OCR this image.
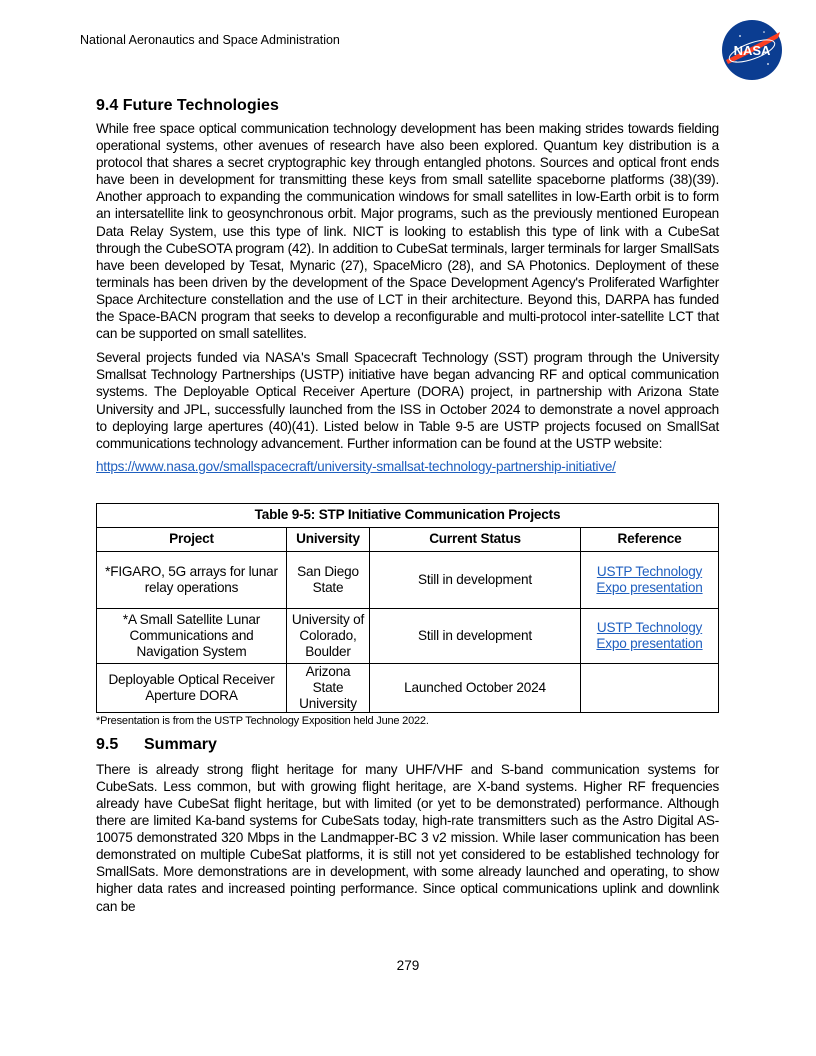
National Aeronautics and Space Administration
NASA
9.4 Future Technologies

While free space optical communication technology development has been making strides towards fielding operational systems, other avenues of research have also been explored. Quantum key distribution is a protocol that shares a secret cryptographic key through entangled photons. Sources and optical front ends have been in development for transmitting these keys from small satellite spaceborne platforms (38)(39). Another approach to expanding the communication windows for small satellites in low-Earth orbit is to form an intersatellite link to geosynchronous orbit. Major programs, such as the previously mentioned European Data Relay System, use this type of link. NICT is looking to establish this type of link with a CubeSat through the CubeSOTA program (42). In addition to CubeSat terminals, larger terminals for larger SmallSats have been developed by Tesat, Mynaric (27), SpaceMicro (28), and SA Photonics. Deployment of these terminals has been driven by the development of the Space Development Agency's Proliferated Warfighter Space Architecture constellation and the use of LCT in their architecture. Beyond this, DARPA has funded the Space-BACN program that seeks to develop a reconfigurable and multi-protocol inter-satellite LCT that can be supported on small satellites.

Several projects funded via NASA's Small Spacecraft Technology (SST) program through the University Smallsat Technology Partnerships (USTP) initiative have began advancing RF and optical communication systems. The Deployable Optical Receiver Aperture (DORA) project, in partnership with Arizona State University and JPL, successfully launched from the ISS in October 2024 to demonstrate a novel approach to deploying large apertures (40)(41)⁣. Listed below in Table 9-5 are USTP projects focused on SmallSat communications technology advancement. Further information can be found at the USTP website:

https://www.nasa.gov/smallspacecraft/university-smallsat-technology-partnership-initiative/
Table 9-5: STP Initiative Communication Projects			
Project	University	Current Status	Reference
*FIGARO, 5G arrays for lunar relay operations	San Diego State	Still in development	USTP Technology Expo presentation
*A Small Satellite Lunar Communications and Navigation System	University of Colorado, Boulder	Still in development	USTP Technology Expo presentation
Deployable Optical Receiver Aperture DORA	Arizona State University	Launched October 2024	
*Presentation is from the USTP Technology Exposition held June 2022.
9.5 Summary

There is already strong flight heritage for many UHF/VHF and S-band communication systems for CubeSats. Less common, but with growing flight heritage, are X-band systems. Higher RF frequencies already have CubeSat flight heritage, but with limited (or yet to be demonstrated) performance. Although there are limited Ka-band systems for CubeSats today, high-rate transmitters such as the Astro Digital AS-10075 demonstrated 320 Mbps in the Landmapper-BC 3 v2 mission. While laser communication has been demonstrated on multiple CubeSat platforms, it is still not yet considered to be established technology for SmallSats. More demonstrations are in development, with some already launched and operating, to show higher data rates and increased pointing performance. Since optical communications uplink and downlink can be

279
